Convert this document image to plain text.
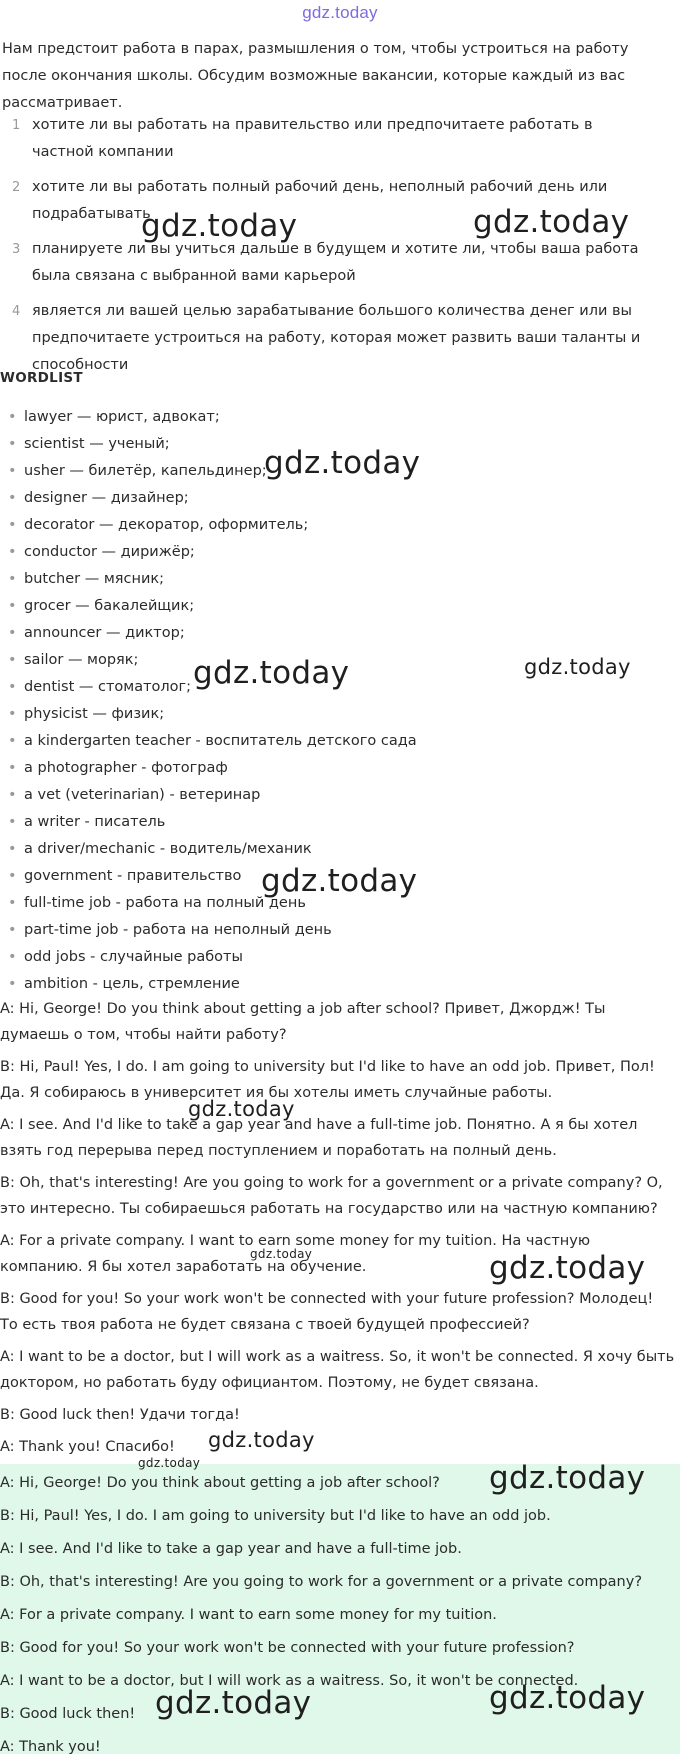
gdz.today

Нам предстоит работа в парах, размышления о том, чтобы устроиться на работу после окончания школы. Обсудим возможные вакансии, которые каждый из вас рассматривает.

1 хотите ли вы работать на правительство или предпочитаете работать в частной компании
2 хотите ли вы работать полный рабочий день, неполный рабочий день или подрабатывать
3 планируете ли вы учиться дальше в будущем и хотите ли, чтобы ваша работа была связана с выбранной вами карьерой
4 является ли вашей целью зарабатывание большого количества денег или вы предпочитаете устроиться на работу, которая может развить ваши таланты и способности
WORDLIST
• lawyer — юрист, адвокат;
• scientist — ученый;
• usher — билетёр, капельдинер;
• designer — дизайнер;
• decorator — декоратор, оформитель;
• conductor — дирижёр;
• butcher — мясник;
• grocer — бакалейщик;
• announcer — диктор;
• sailor — моряк;
• dentist — стоматолог;
• physicist — физик;
• a kindergarten teacher - воспитатель детского сада
• a photographer - фотограф
• a vet (veterinarian) - ветеринар
• a writer - писатель
• a driver/mechanic - водитель/механик
• government - правительство
• full-time job - работа на полный день
• part-time job - работа на неполный день
• odd jobs - случайные работы
• ambition - цель, стремление

A: Hi, George! Do you think about getting a job after school? Привет, Джордж! Ты думаешь о том, чтобы найти работу?

B: Hi, Paul! Yes, I do. I am going to university but I'd like to have an odd job. Привет, Пол! Да. Я собираюсь в университет ия бы хотелы иметь случайные работы.

A: I see. And I'd like to take a gap year and have a full-time job. Понятно. А я бы хотел взять год перерыва перед поступлением и поработать на полный день.

B: Oh, that's interesting! Are you going to work for a government or a private company? О, это интересно. Ты собираешься работать на государство или на частную компанию?

A: For a private company. I want to earn some money for my tuition. На частную компанию. Я бы хотел заработать на обучение.

B: Good for you! So your work won't be connected with your future profession? Молодец! То есть твоя работа не будет связана с твоей будущей профессией?

A: I want to be a doctor, but I will work as a waitress. So, it won't be connected. Я хочу быть доктором, но работать буду официантом. Поэтому, не будет связана.

B: Good luck then! Удачи тогда!

A: Thank you! Спасибо!

A: Hi, George! Do you think about getting a job after school?

B: Hi, Paul! Yes, I do. I am going to university but I'd like to have an odd job.

A: I see. And I'd like to take a gap year and have a full-time job.

B: Oh, that's interesting! Are you going to work for a government or a private company?

A: For a private company. I want to earn some money for my tuition.

B: Good for you! So your work won't be connected with your future profession?

A: I want to be a doctor, but I will work as a waitress. So, it won't be connected.

B: Good luck then!

A: Thank you!

gdz.today	gdz.today
gdz.today
gdz.today	gdz.today
gdz.today
gdz.today
gdz.today	gdz.today
gdz.today
gdz.today	gdz.today
gdz.today	gdz.today
